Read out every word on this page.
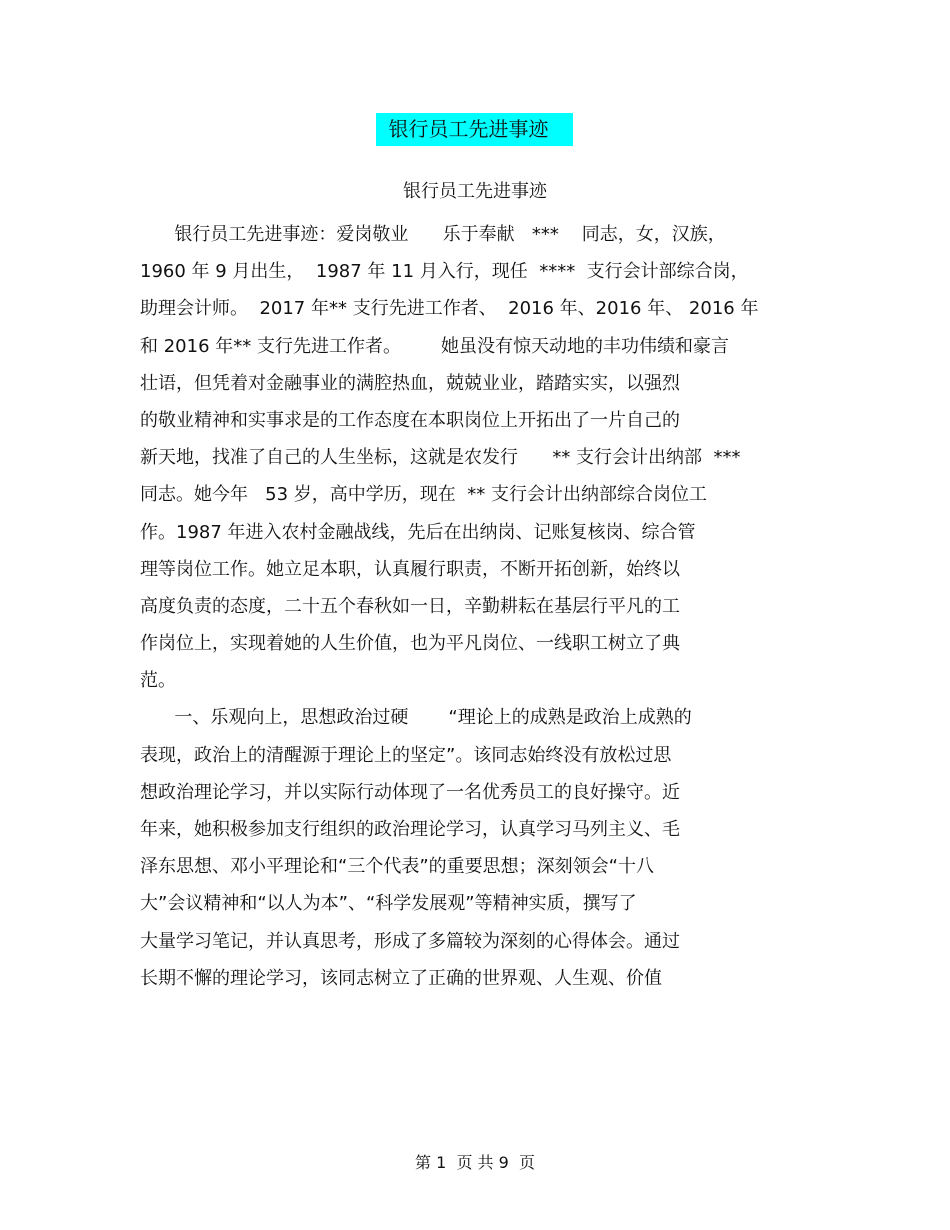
银行员工先进事迹
银行员工先进事迹
银行员工先进事迹：爱岗敬业      乐于奉献   ***    同志，女，汉族，
1960 年 9 月出生，  1987 年 11 月入行，现任  ****  支行会计部综合岗，
助理会计师。  2017 年** 支行先进工作者、  2016 年、2016 年、 2016 年
和 2016 年** 支行先进工作者。       她虽没有惊天动地的丰功伟绩和豪言
壮语，但凭着对金融事业的满腔热血，兢兢业业，踏踏实实，以强烈
的敬业精神和实事求是的工作态度在本职岗位上开拓出了一片自己的
新天地，找准了自己的人生坐标，这就是农发行      ** 支行会计出纳部  ***
同志。她今年   53 岁，高中学历，现在  ** 支行会计出纳部综合岗位工
作。1987 年进入农村金融战线，先后在出纳岗、记账复核岗、综合管
理等岗位工作。她立足本职，认真履行职责，不断开拓创新，始终以
高度负责的态度，二十五个春秋如一日，辛勤耕耘在基层行平凡的工
作岗位上，实现着她的人生价值，也为平凡岗位、一线职工树立了典
范。
一、乐观向上，思想政治过硬       “理论上的成熟是政治上成熟的
表现，政治上的清醒源于理论上的坚定”。该同志始终没有放松过思
想政治理论学习，并以实际行动体现了一名优秀员工的良好操守。近
年来，她积极参加支行组织的政治理论学习，认真学习马列主义、毛
泽东思想、邓小平理论和“三个代表”的重要思想；深刻领会“十八
大”会议精神和“以人为本”、“科学发展观”等精神实质，撰写了
大量学习笔记，并认真思考，形成了多篇较为深刻的心得体会。通过
长期不懈的理论学习，该同志树立了正确的世界观、人生观、价值
第 1  页 共 9  页
